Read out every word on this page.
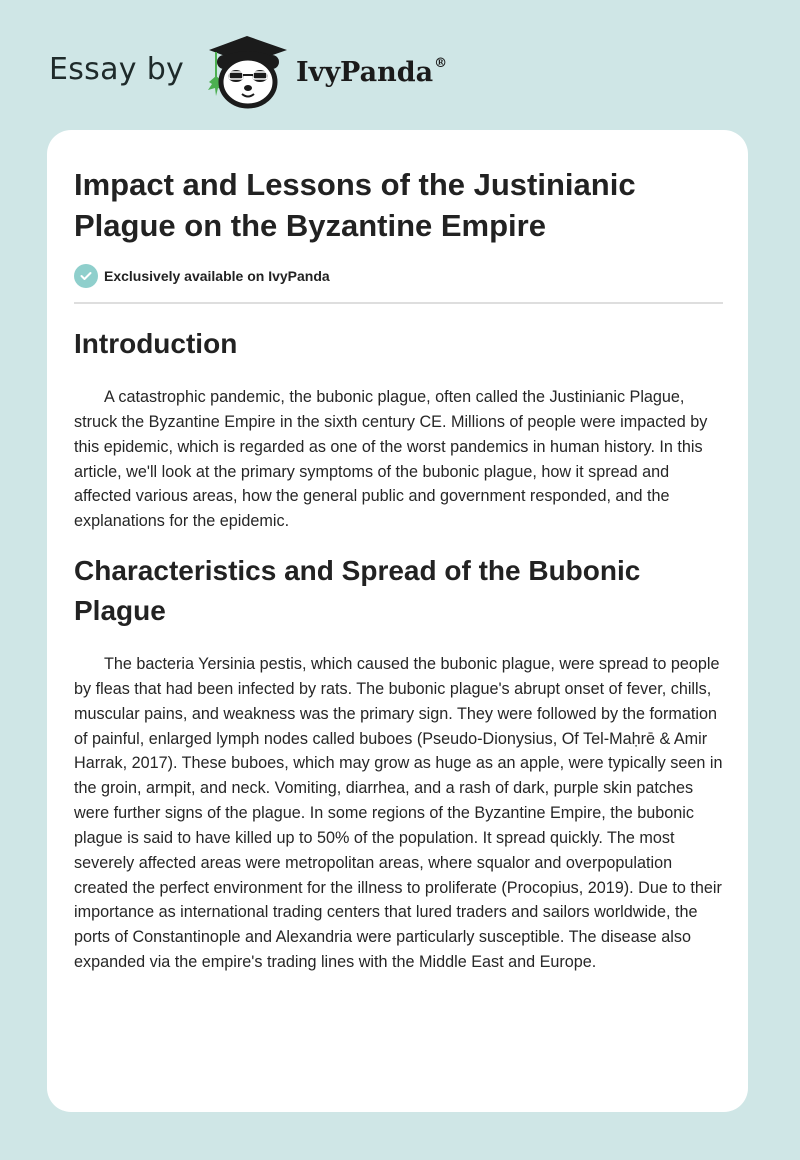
Essay by	IvyPanda®
Impact and Lessons of the Justinianic Plague on the Byzantine Empire
Exclusively available on IvyPanda
Introduction

A catastrophic pandemic, the bubonic plague, often called the Justinianic Plague, struck the Byzantine Empire in the sixth century CE. Millions of people were impacted by this epidemic, which is regarded as one of the worst pandemics in human history. In this article, we'll look at the primary symptoms of the bubonic plague, how it spread and affected various areas, how the general public and government responded, and the explanations for the epidemic.

Characteristics and Spread of the Bubonic Plague

The bacteria Yersinia pestis, which caused the bubonic plague, were spread to people by fleas that had been infected by rats. The bubonic plague's abrupt onset of fever, chills, muscular pains, and weakness was the primary sign. They were followed by the formation of painful, enlarged lymph nodes called buboes (Pseudo-Dionysius, Of Tel-Maḥrē & Amir Harrak, 2017). These buboes, which may grow as huge as an apple, were typically seen in the groin, armpit, and neck. Vomiting, diarrhea, and a rash of dark, purple skin patches were further signs of the plague. In some regions of the Byzantine Empire, the bubonic plague is said to have killed up to 50% of the population. It spread quickly. The most severely affected areas were metropolitan areas, where squalor and overpopulation created the perfect environment for the illness to proliferate (Procopius, 2019). Due to their importance as international trading centers that lured traders and sailors worldwide, the ports of Constantinople and Alexandria were particularly susceptible. The disease also expanded via the empire's trading lines with the Middle East and Europe.
